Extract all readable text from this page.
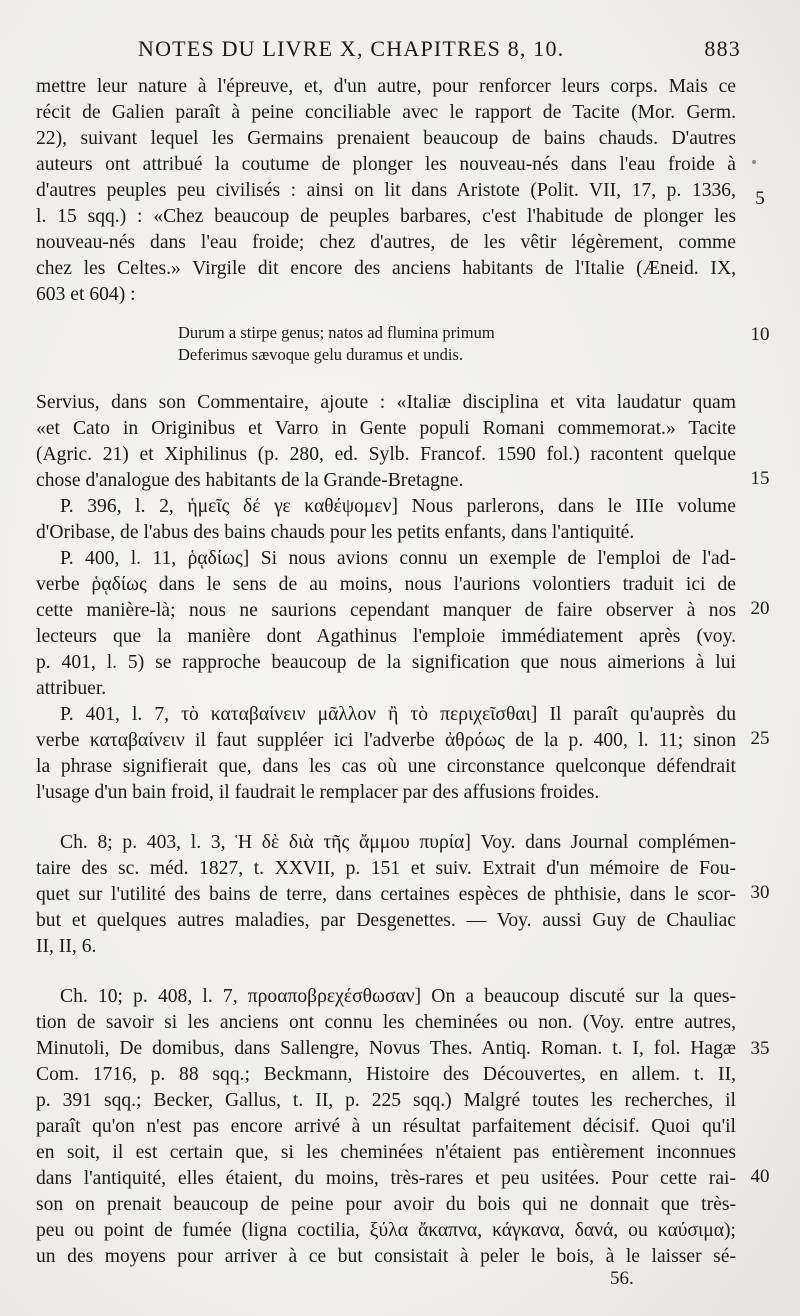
NOTES DU LIVRE X, CHAPITRES 8, 10.	883
mettre leur nature à l'épreuve, et, d'un autre, pour renforcer leurs corps. Mais ce
récit de Galien paraît à peine conciliable avec le rapport de Tacite (Mor. Germ.
22), suivant lequel les Germains prenaient beaucoup de bains chauds. D'autres
auteurs ont attribué la coutume de plonger les nouveau-nés dans l'eau froide à
d'autres peuples peu civilisés : ainsi on lit dans Aristote (Polit. VII, 17, p. 1336,
l. 15 sqq.) : «Chez beaucoup de peuples barbares, c'est l'habitude de plonger les
nouveau-nés dans l'eau froide; chez d'autres, de les vêtir légèrement, comme
chez les Celtes.» Virgile dit encore des anciens habitants de l'Italie (Æneid. IX,
603 et 604) :
Durum a stirpe genus; natos ad flumina primum
Deferimus sævoque gelu duramus et undis.
Servius, dans son Commentaire, ajoute : «Italiæ disciplina et vita laudatur quam
«et Cato in Originibus et Varro in Gente populi Romani commemorat.» Tacite
(Agric. 21) et Xiphilinus (p. 280, ed. Sylb. Francof. 1590 fol.) racontent quelque
chose d'analogue des habitants de la Grande-Bretagne.
P. 396, l. 2, ἡμεῖς δέ γε καθέψομεν] Nous parlerons, dans le IIIe volume
d'Oribase, de l'abus des bains chauds pour les petits enfants, dans l'antiquité.
P. 400, l. 11, ῥᾳδίως] Si nous avions connu un exemple de l'emploi de l'ad-
verbe ῥᾳδίως dans le sens de au moins, nous l'aurions volontiers traduit ici de
cette manière-là; nous ne saurions cependant manquer de faire observer à nos
lecteurs que la manière dont Agathinus l'emploie immédiatement après (voy.
p. 401, l. 5) se rapproche beaucoup de la signification que nous aimerions à lui
attribuer.
P. 401, l. 7, τὸ καταβαίνειν μᾶλλον ἢ τὸ περιχεῖσθαι] Il paraît qu'auprès du
verbe καταβαίνειν il faut suppléer ici l'adverbe ἀθρόως de la p. 400, l. 11; sinon
la phrase signifierait que, dans les cas où une circonstance quelconque défendrait
l'usage d'un bain froid, il faudrait le remplacer par des affusions froides.
Ch. 8; p. 403, l. 3, Ἡ δὲ διὰ τῆς ἄμμου πυρία] Voy. dans Journal complémen-
taire des sc. méd. 1827, t. XXVII, p. 151 et suiv. Extrait d'un mémoire de Fou-
quet sur l'utilité des bains de terre, dans certaines espèces de phthisie, dans le scor-
but et quelques autres maladies, par Desgenettes. — Voy. aussi Guy de Chauliac
II, II, 6.
Ch. 10; p. 408, l. 7, προαποβρεχέσθωσαν] On a beaucoup discuté sur la ques-
tion de savoir si les anciens ont connu les cheminées ou non. (Voy. entre autres,
Minutoli, De domibus, dans Sallengre, Novus Thes. Antiq. Roman. t. I, fol. Hagæ
Com. 1716, p. 88 sqq.; Beckmann, Histoire des Découvertes, en allem. t. II,
p. 391 sqq.; Becker, Gallus, t. II, p. 225 sqq.) Malgré toutes les recherches, il
paraît qu'on n'est pas encore arrivé à un résultat parfaitement décisif. Quoi qu'il
en soit, il est certain que, si les cheminées n'étaient pas entièrement inconnues
dans l'antiquité, elles étaient, du moins, très-rares et peu usitées. Pour cette rai-
son on prenait beaucoup de peine pour avoir du bois qui ne donnait que très-
peu ou point de fumée (ligna coctilia, ξύλα ἄκαπνα, κάγκανα, δανά, ou καύσιμα);
un des moyens pour arriver à ce but consistait à peler le bois, à le laisser sé-
5
10
15
20
25
30
35
40
56.
